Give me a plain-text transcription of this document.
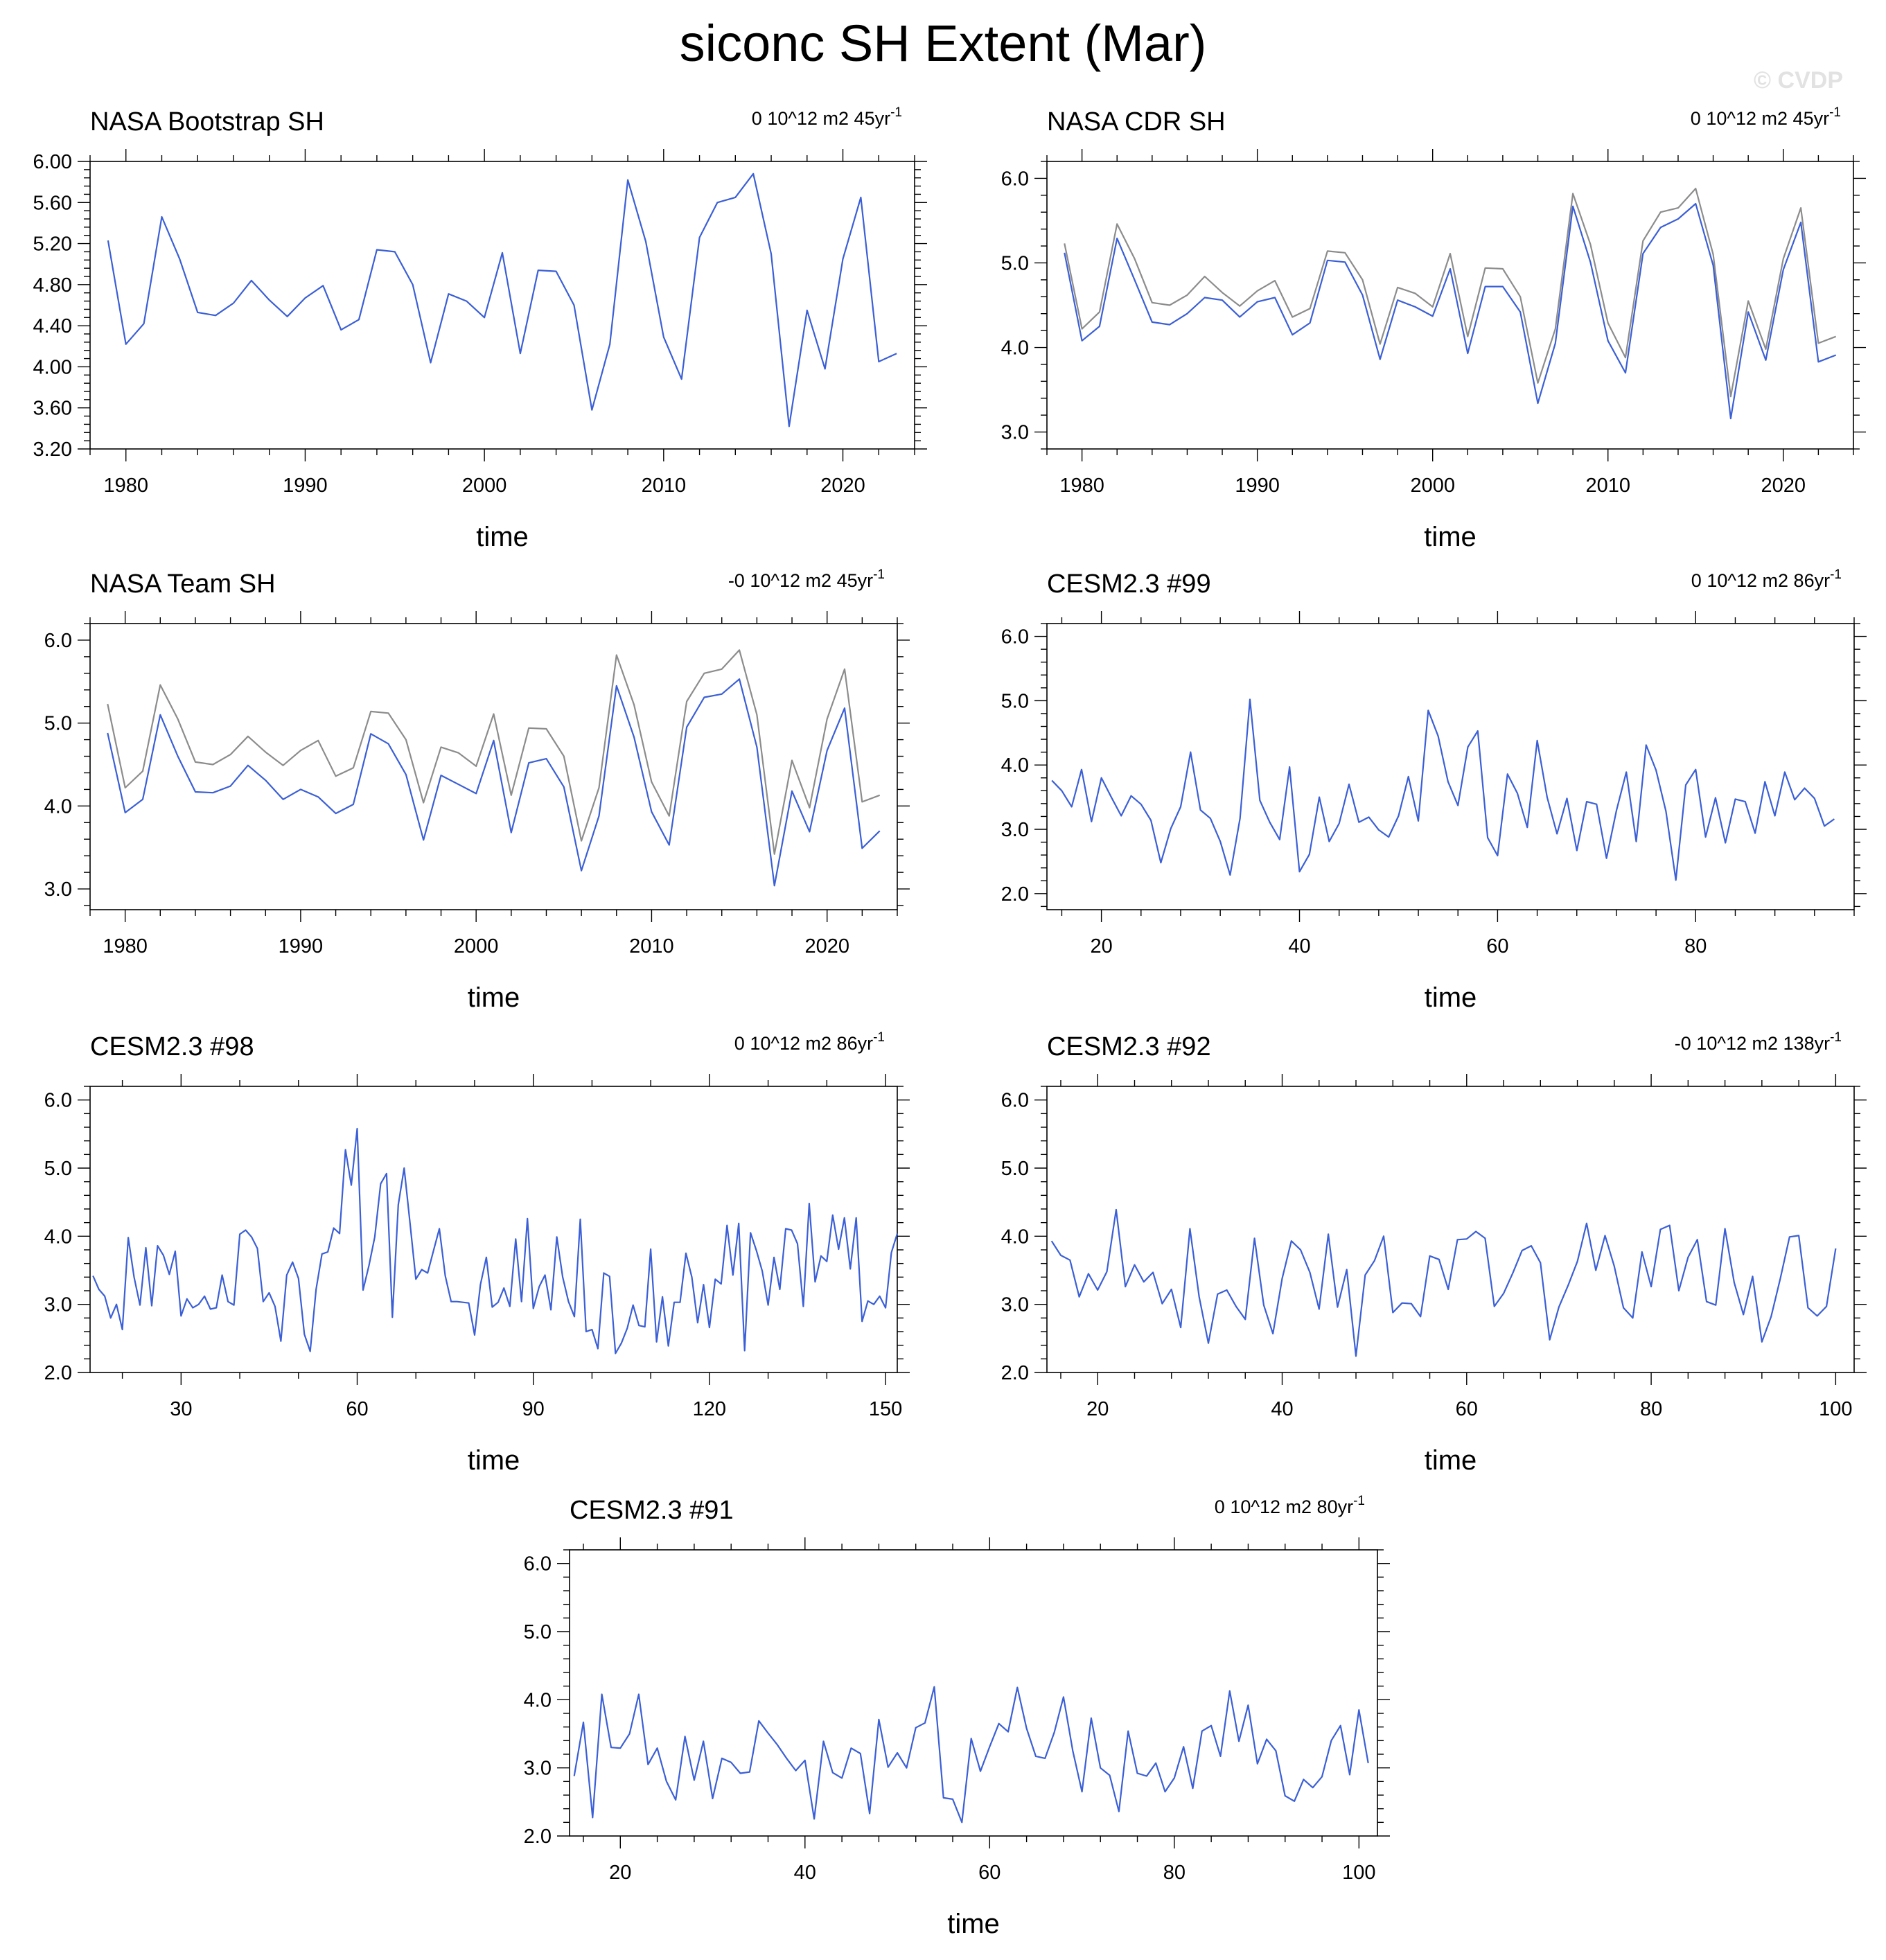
siconc SH Extent (Mar)
© CVDP
NASA Bootstrap SH	0 10^12 m2 $45yr^{-1}$
3.20
3.60
4.00
4.40
4.80
5.20
5.60
6.00
1980	1990	2000	2010	2020
time
NASA CDR SH	0 10^12 m2 $45yr^{-1}$
3.0
4.0
5.0
6.0
1980	1990	2000	2010	2020
time
NASA Team SH	-0 10^12 m2 $45yr^{-1}$
3.0
4.0
5.0
6.0
1980	1990	2000	2010	2020
time
CESM2.3 #99	0 10^12 m2 $86yr^{-1}$
2.0
3.0
4.0
5.0
6.0
20	40	60	80
time
CESM2.3 #98	0 10^12 m2 $86yr^{-1}$
2.0
3.0
4.0
5.0
6.0
30	60	90	120	150
time
CESM2.3 #92	-0 10^12 m2 $138yr^{-1}$
2.0
3.0
4.0
5.0
6.0
20	40	60	80	100
time
CESM2.3 #91	0 10^12 m2 $80yr^{-1}$
2.0
3.0
4.0
5.0
6.0
20	40	60	80	100
time
